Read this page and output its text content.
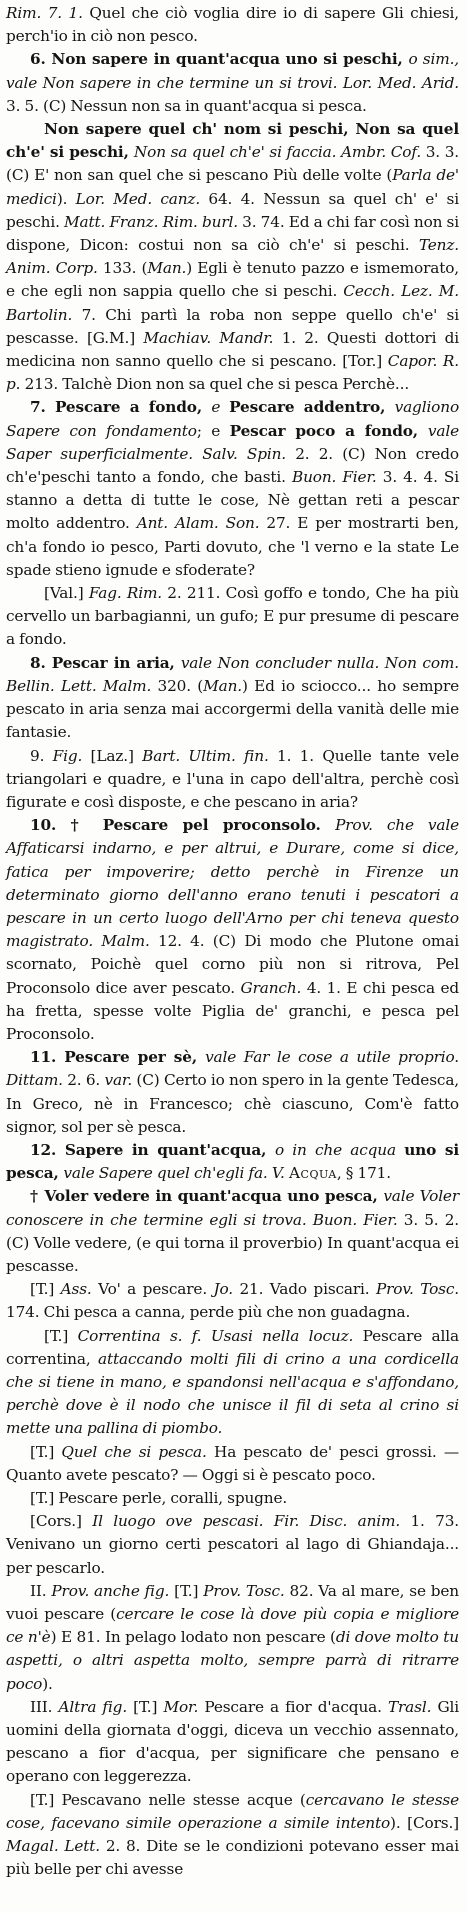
Rim. 7. 1. Quel che ciò voglia dire io di sapere Gli chiesi, perch'io in ciò non pesco.

6. Non sapere in quant'acqua uno si peschi, o sim., vale Non sapere in che termine un si trovi. Lor. Med. Arid. 3. 5. (C) Nessun non sa in quant'acqua si pesca.

Non sapere quel ch' nom si peschi, Non sa quel ch'e' si peschi, Non sa quel ch'e' si faccia. Ambr. Cof. 3. 3. (C) E' non san quel che si pescano Più delle volte (Parla de' medici). Lor. Med. canz. 64. 4. Nessun sa quel ch' e' si peschi. Matt. Franz. Rim. burl. 3. 74. Ed a chi far così non si dispone, Dicon: costui non sa ciò ch'e' si peschi. Tenz. Anim. Corp. 133. (Man.) Egli è tenuto pazzo e ismemorato, e che egli non sappia quello che si peschi. Cecch. Lez. M. Bartolin. 7. Chi partì la roba non seppe quello ch'e' si pescasse. [G.M.] Machiav. Mandr. 1. 2. Questi dottori di medicina non sanno quello che si pescano. [Tor.] Capor. R. p. 213. Talchè Dion non sa quel che si pesca Perchè...

7. Pescare a fondo, e Pescare addentro, vagliono Sapere con fondamento; e Pescar poco a fondo, vale Saper superficialmente. Salv. Spin. 2. 2. (C) Non credo ch'e'peschi tanto a fondo, che basti. Buon. Fier. 3. 4. 4. Si stanno a detta di tutte le cose, Nè gettan reti a pescar molto addentro. Ant. Alam. Son. 27. E per mostrarti ben, ch'a fondo io pesco, Parti dovuto, che 'l verno e la state Le spade stieno ignude e sfoderate?

[Val.] Fag. Rim. 2. 211. Così goffo e tondo, Che ha più cervello un barbagianni, un gufo; E pur presume di pescare a fondo.

8. Pescar in aria, vale Non concluder nulla. Non com. Bellin. Lett. Malm. 320. (Man.) Ed io sciocco... ho sempre pescato in aria senza mai accorgermi della vanità delle mie fantasie.

9. Fig. [Laz.] Bart. Ultim. fin. 1. 1. Quelle tante vele triangolari e quadre, e l'una in capo dell'altra, perchè così figurate e così disposte, e che pescano in aria?

10. † Pescare pel proconsolo. Prov. che vale Affaticarsi indarno, e per altrui, e Durare, come si dice, fatica per impoverire; detto perchè in Firenze un determinato giorno dell'anno erano tenuti i pescatori a pescare in un certo luogo dell'Arno per chi teneva questo magistrato. Malm. 12. 4. (C) Di modo che Plutone omai scornato, Poichè quel corno più non si ritrova, Pel Proconsolo dice aver pescato. Granch. 4. 1. E chi pesca ed ha fretta, spesse volte Piglia de' granchi, e pesca pel Proconsolo.

11. Pescare per sè, vale Far le cose a utile proprio. Dittam. 2. 6. var. (C) Certo io non spero in la gente Tedesca, In Greco, nè in Francesco; chè ciascuno, Com'è fatto signor, sol per sè pesca.

12. Sapere in quant'acqua, o in che acqua uno si pesca, vale Sapere quel ch'egli fa. V. Acqua, § 171.

† Voler vedere in quant'acqua uno pesca, vale Voler conoscere in che termine egli si trova. Buon. Fier. 3. 5. 2. (C) Volle vedere, (e qui torna il proverbio) In quant'acqua ei pescasse.

[T.] Ass. Vo' a pescare. Jo. 21. Vado piscari. Prov. Tosc. 174. Chi pesca a canna, perde più che non guadagna.

[T.] Correntina s. f. Usasi nella locuz. Pescare alla correntina, attaccando molti fili di crino a una cordicella che si tiene in mano, e spandonsi nell'acqua e s'affondano, perchè dove è il nodo che unisce il fil di seta al crino si mette una pallina di piombo.

[T.] Quel che si pesca. Ha pescato de' pesci grossi. — Quanto avete pescato? — Oggi si è pescato poco.

[T.] Pescare perle, coralli, spugne.

[Cors.] Il luogo ove pescasi. Fir. Disc. anim. 1. 73. Venivano un giorno certi pescatori al lago di Ghiandaja... per pescarlo.

II. Prov. anche fig. [T.] Prov. Tosc. 82. Va al mare, se ben vuoi pescare (cercare le cose là dove più copia e migliore ce n'è) E 81. In pelago lodato non pescare (di dove molto tu aspetti, o altri aspetta molto, sempre parrà di ritrarre poco).

III. Altra fig. [T.] Mor. Pescare a fior d'acqua. Trasl. Gli uomini della giornata d'oggi, diceva un vecchio assennato, pescano a fior d'acqua, per significare che pensano e operano con leggerezza.

[T.] Pescavano nelle stesse acque (cercavano le stesse cose, facevano simile operazione a simile intento). [Cors.] Magal. Lett. 2. 8. Dite se le condizioni potevano esser mai più belle per chi avesse
